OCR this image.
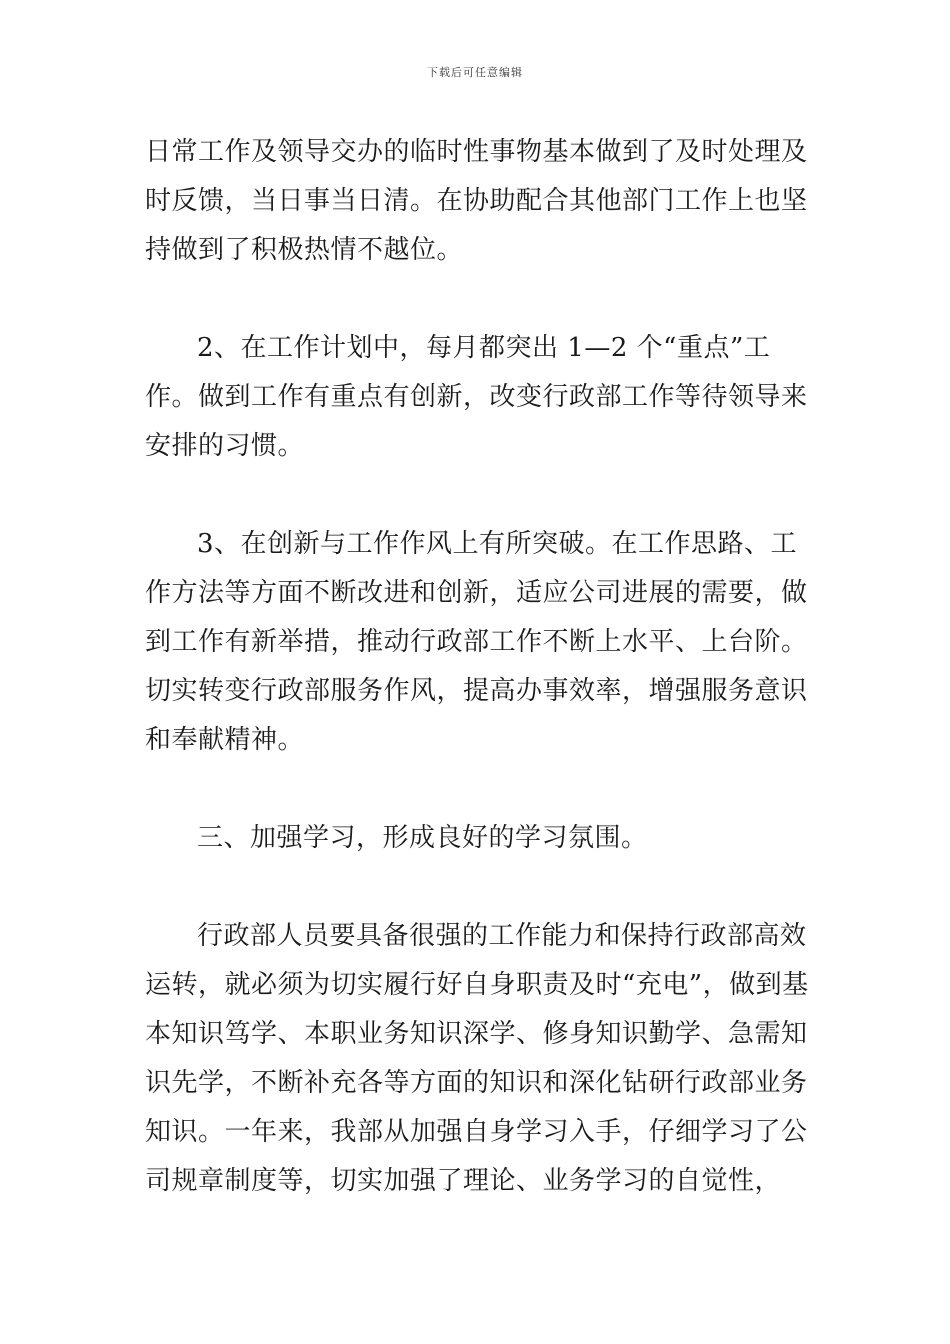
下载后可任意编辑

日常工作及领导交办的临时性事物基本做到了及时处理及时反馈，当日事当日清。在协助配合其他部门工作上也坚持做到了积极热情不越位。

2、在工作计划中，每月都突出 1—2 个“重点”工作。做到工作有重点有创新，改变行政部工作等待领导来安排的习惯。

3、在创新与工作作风上有所突破。在工作思路、工作方法等方面不断改进和创新，适应公司进展的需要，做到工作有新举措，推动行政部工作不断上水平、上台阶。切实转变行政部服务作风，提高办事效率，增强服务意识和奉献精神。

三、加强学习，形成良好的学习氛围。

行政部人员要具备很强的工作能力和保持行政部高效运转，就必须为切实履行好自身职责及时“充电”，做到基本知识笃学、本职业务知识深学、修身知识勤学、急需知识先学，不断补充各等方面的知识和深化钻研行政部业务知识。一年来，我部从加强自身学习入手，仔细学习了公司规章制度等，切实加强了理论、业务学习的自觉性，
